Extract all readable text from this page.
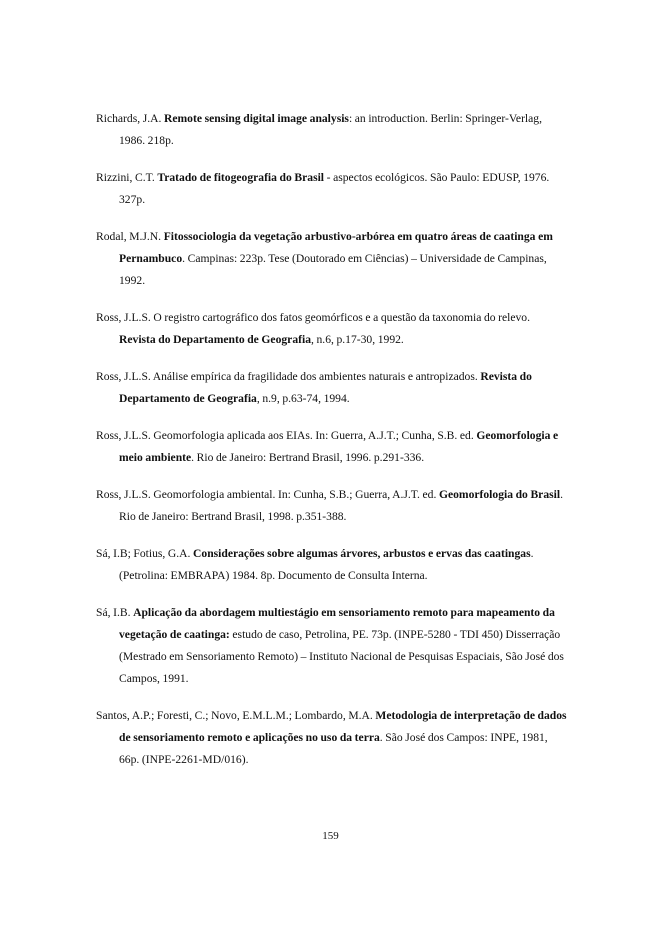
Richards, J.A. Remote sensing digital image analysis: an introduction. Berlin: Springer-Verlag, 1986. 218p.

Rizzini, C.T. Tratado de fitogeografia do Brasil - aspectos ecológicos. São Paulo: EDUSP, 1976. 327p.

Rodal, M.J.N. Fitossociologia da vegetação arbustivo-arbórea em quatro áreas de caatinga em Pernambuco. Campinas: 223p. Tese (Doutorado em Ciências) – Universidade de Campinas, 1992.

Ross, J.L.S. O registro cartográfico dos fatos geomórficos e a questão da taxonomia do relevo. Revista do Departamento de Geografia, n.6, p.17-30, 1992.

Ross, J.L.S. Análise empírica da fragilidade dos ambientes naturais e antropizados. Revista do Departamento de Geografia, n.9, p.63-74, 1994.

Ross, J.L.S. Geomorfologia aplicada aos EIAs. In: Guerra, A.J.T.; Cunha, S.B. ed. Geomorfologia e meio ambiente. Rio de Janeiro: Bertrand Brasil, 1996. p.291-336.

Ross, J.L.S. Geomorfologia ambiental. In: Cunha, S.B.; Guerra, A.J.T. ed. Geomorfologia do Brasil. Rio de Janeiro: Bertrand Brasil, 1998. p.351-388.

Sá, I.B; Fotius, G.A. Considerações sobre algumas árvores, arbustos e ervas das caatingas. (Petrolina: EMBRAPA) 1984. 8p. Documento de Consulta Interna.

Sá, I.B. Aplicação da abordagem multiestágio em sensoriamento remoto para mapeamento da vegetação de caatinga: estudo de caso, Petrolina, PE. 73p. (INPE-5280 - TDI 450) Disserração (Mestrado em Sensoriamento Remoto) – Instituto Nacional de Pesquisas Espaciais, São José dos Campos, 1991.

Santos, A.P.; Foresti, C.; Novo, E.M.L.M.; Lombardo, M.A. Metodologia de interpretação de dados de sensoriamento remoto e aplicações no uso da terra. São José dos Campos: INPE, 1981, 66p. (INPE-2261-MD/016).

159
